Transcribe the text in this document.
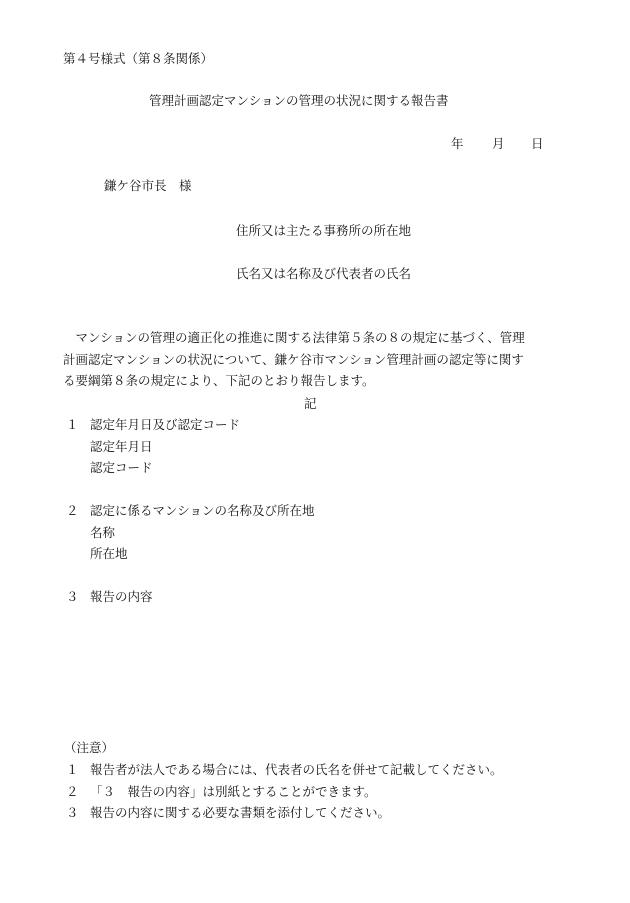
第４号様式（第８条関係）
管理計画認定マンションの管理の状況に関する報告書
年 月 日
鎌ケ谷市長　様
住所又は主たる事務所の所在地
氏名又は名称及び代表者の氏名
　マンションの管理の適正化の推進に関する法律第５条の８の規定に基づく、管理
計画認定マンションの状況について、鎌ケ谷市マンション管理計画の認定等に関す
る要綱第８条の規定により、下記のとおり報告します。
記
１ 認定年月日及び認定コード
認定年月日
認定コード
２ 認定に係るマンションの名称及び所在地
名称
所在地
３ 報告の内容
（注意）
１ 報告者が法人である場合には、代表者の氏名を併せて記載してください。
２ 「３　報告の内容」は別紙とすることができます。
３ 報告の内容に関する必要な書類を添付してください。
